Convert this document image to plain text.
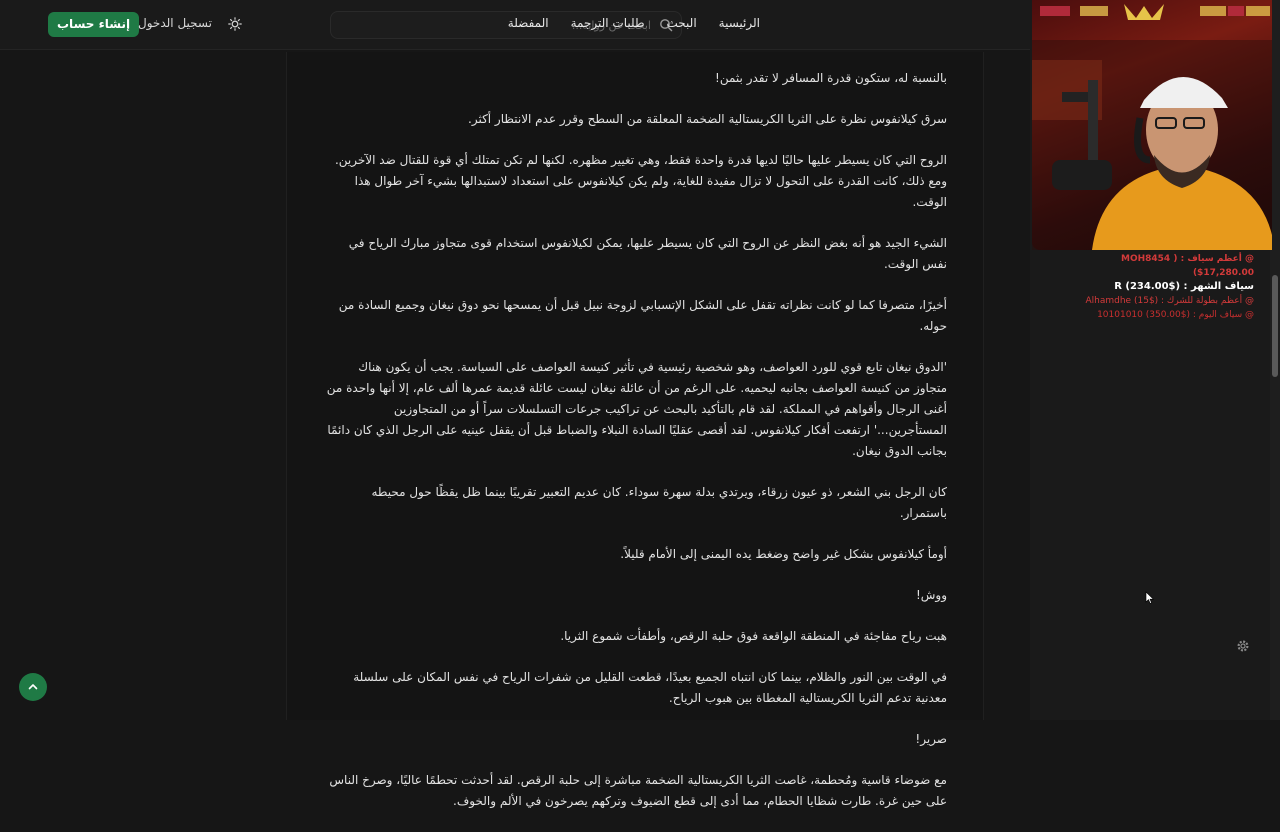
إنشاء حساب تسجيل الدخول
ابحث عن رواية...	الرئيسية
البحث
طلبات الترجمة
المفضلة

بالنسبة له، ستكون قدرة المسافر لا تقدر بثمن!

سرق كيلانفوس نظرة على الثريا الكريستالية الضخمة المعلقة من السطح وقرر عدم الانتظار أكثر.

الروح التي كان يسيطر عليها حاليًا لديها قدرة واحدة فقط، وهي تغيير مظهره. لكنها لم تكن تمتلك أي قوة للقتال ضد الآخرين. ومع ذلك، كانت القدرة على التحول لا تزال مفيدة للغاية، ولم يكن كيلانفوس على استعداد لاستبدالها بشيء آخر طوال هذا الوقت.

الشيء الجيد هو أنه بغض النظر عن الروح التي كان يسيطر عليها، يمكن لكيلانفوس استخدام قوى متجاوز مبارك الرياح في نفس الوقت.

أخيرًا، متصرفا كما لو كانت نظراته تقفل على الشكل الإتسبابي لزوجة نبيل قبل أن يمسحها نحو دوق نيغان وجميع السادة من حوله.

'الدوق نيغان تابع قوي للورد العواصف، وهو شخصية رئيسية في تأثير كنيسة العواصف على السياسة. يجب أن يكون هناك متجاوز من كنيسة العواصف بجانبه ليحميه. على الرغم من أن عائلة نيغان ليست عائلة قديمة عمرها ألف عام، إلا أنها واحدة من أغنى الرجال وأقواهم في المملكة. لقد قام بالتأكيد بالبحث عن تراكيب جرعات التسلسلات سراً أو من المتجاوزين المستأجرين...' ارتفعت أفكار كيلانفوس. لقد أقصى عقليًا السادة النبلاء والضباط قبل أن يقفل عينيه على الرجل الذي كان دائمًا بجانب الدوق نيغان.

كان الرجل بني الشعر، ذو عيون زرقاء، ويرتدي بدلة سهرة سوداء. كان عديم التعبير تقريبًا بينما ظل يقظًا حول محيطه باستمرار.

أومأ كيلانفوس بشكل غير واضح وضغط يده اليمنى إلى الأمام قليلاً.

ووش!

هبت رياح مفاجئة في المنطقة الواقعة فوق حلبة الرقص، وأطفأت شموع الثريا.

في الوقت بين النور والظلام، بينما كان انتباه الجميع بعيدًا، قطعت القليل من شفرات الرياح في نفس المكان على سلسلة معدنية تدعم الثريا الكريستالية المغطاة بين هبوب الرياح.

صرير!

مع ضوضاء قاسية ومُحطمة، غاصت الثريا الكريستالية الضخمة مباشرة إلى حلبة الرقص. لقد أحدثت تحطمًا عاليًا، وصرخ الناس على حين غرة. طارت شظايا الحطام، مما أدى إلى قطع الضيوف وتركهم يصرخون في الألم والخوف.

@ أعظم سياف : ( MOH8454 ($17,280.00
سياف الشهر : ($234.00) R
@ أعظم بطولة للشرك : ($15) Alhamdhe
@ سياف اليوم : ($350.00) 10101010
